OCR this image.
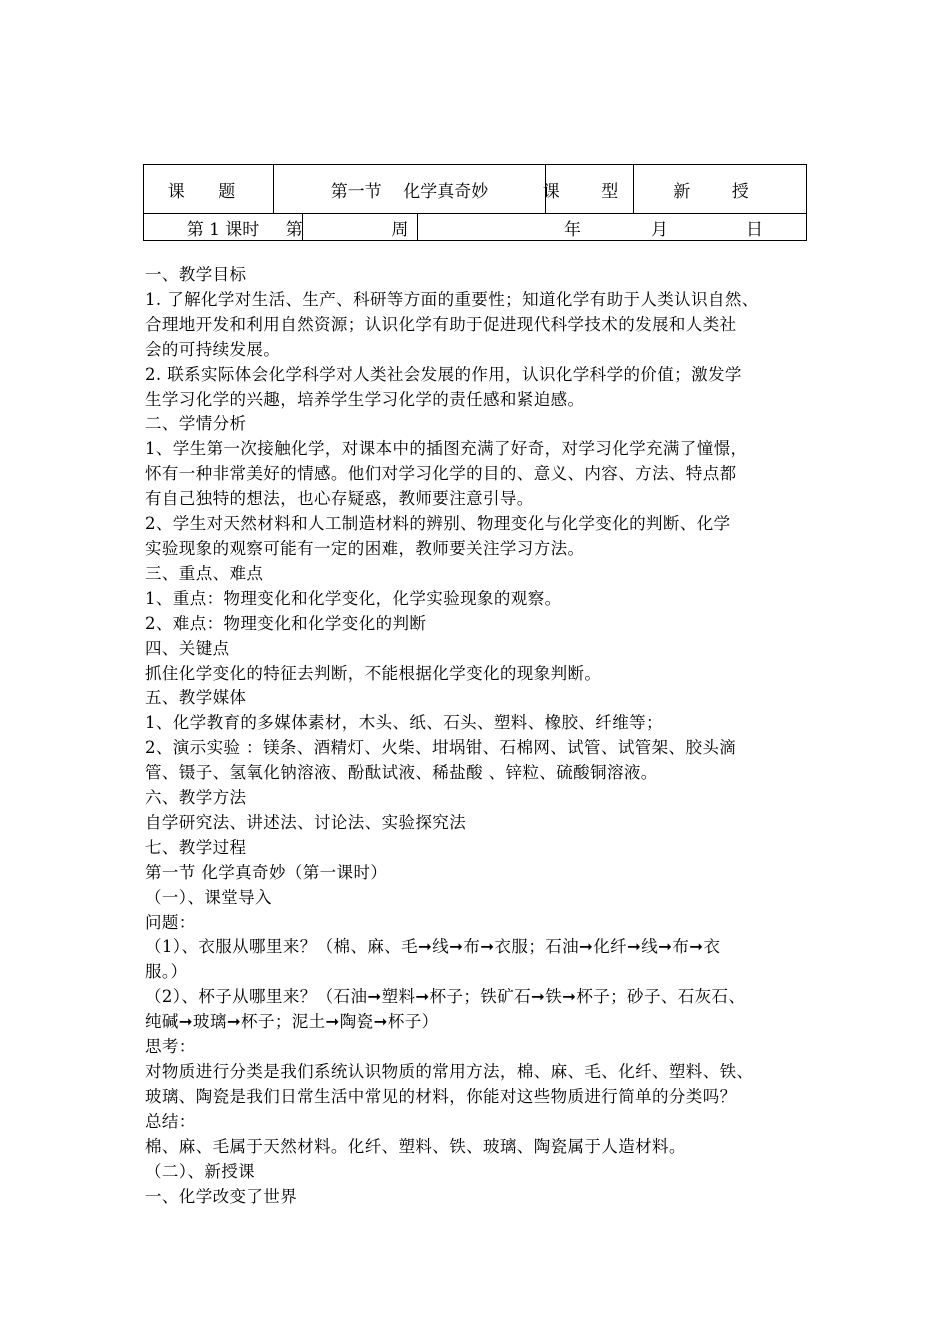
课 题	第一节    化学真奇妙	课 型	新 授
第 1 课时	第  周	年	月	日

一、教学目标

1. 了解化学对生活、生产、科研等方面的重要性；知道化学有助于人类认识自然、

合理地开发和利用自然资源；认识化学有助于促进现代科学技术的发展和人类社

会的可持续发展。

2. 联系实际体会化学科学对人类社会发展的作用，认识化学科学的价值；激发学

生学习化学的兴趣，培养学生学习化学的责任感和紧迫感。

二、学情分析

1、学生第一次接触化学，对课本中的插图充满了好奇，对学习化学充满了憧憬，

怀有一种非常美好的情感。他们对学习化学的目的、意义、内容、方法、特点都

有自己独特的想法，也心存疑惑，教师要注意引导。

2、学生对天然材料和人工制造材料的辨别、物理变化与化学变化的判断、化学

实验现象的观察可能有一定的困难，教师要关注学习方法。

三、重点、难点

1、重点：物理变化和化学变化，化学实验现象的观察。

2、难点：物理变化和化学变化的判断

四、关键点

抓住化学变化的特征去判断，不能根据化学变化的现象判断。

五、教学媒体

1、化学教育的多媒体素材，木头、纸、石头、塑料、橡胶、纤维等；

2、演示实验 ：镁条、酒精灯、火柴、坩埚钳、石棉网、试管、试管架、胶头滴

管、镊子、氢氧化钠溶液、酚酞试液、稀盐酸 、锌粒、硫酸铜溶液。

六、教学方法

自学研究法、讲述法、讨论法、实验探究法

七、教学过程

第一节 化学真奇妙（第一课时）

（一）、课堂导入

问题：

（1）、衣服从哪里来？（棉、麻、毛➞线➞布➞衣服；石油➞化纤➞线➞布➞衣

服。）

（2）、杯子从哪里来？（石油➞塑料➞杯子；铁矿石➞铁➞杯子；砂子、石灰石、

纯碱➞玻璃➞杯子；泥土➞陶瓷➞杯子）

思考：

对物质进行分类是我们系统认识物质的常用方法，棉、麻、毛、化纤、塑料、铁、

玻璃、陶瓷是我们日常生活中常见的材料，你能对这些物质进行简单的分类吗？

总结：

棉、麻、毛属于天然材料。化纤、塑料、铁、玻璃、陶瓷属于人造材料。

（二）、新授课

一、化学改变了世界
